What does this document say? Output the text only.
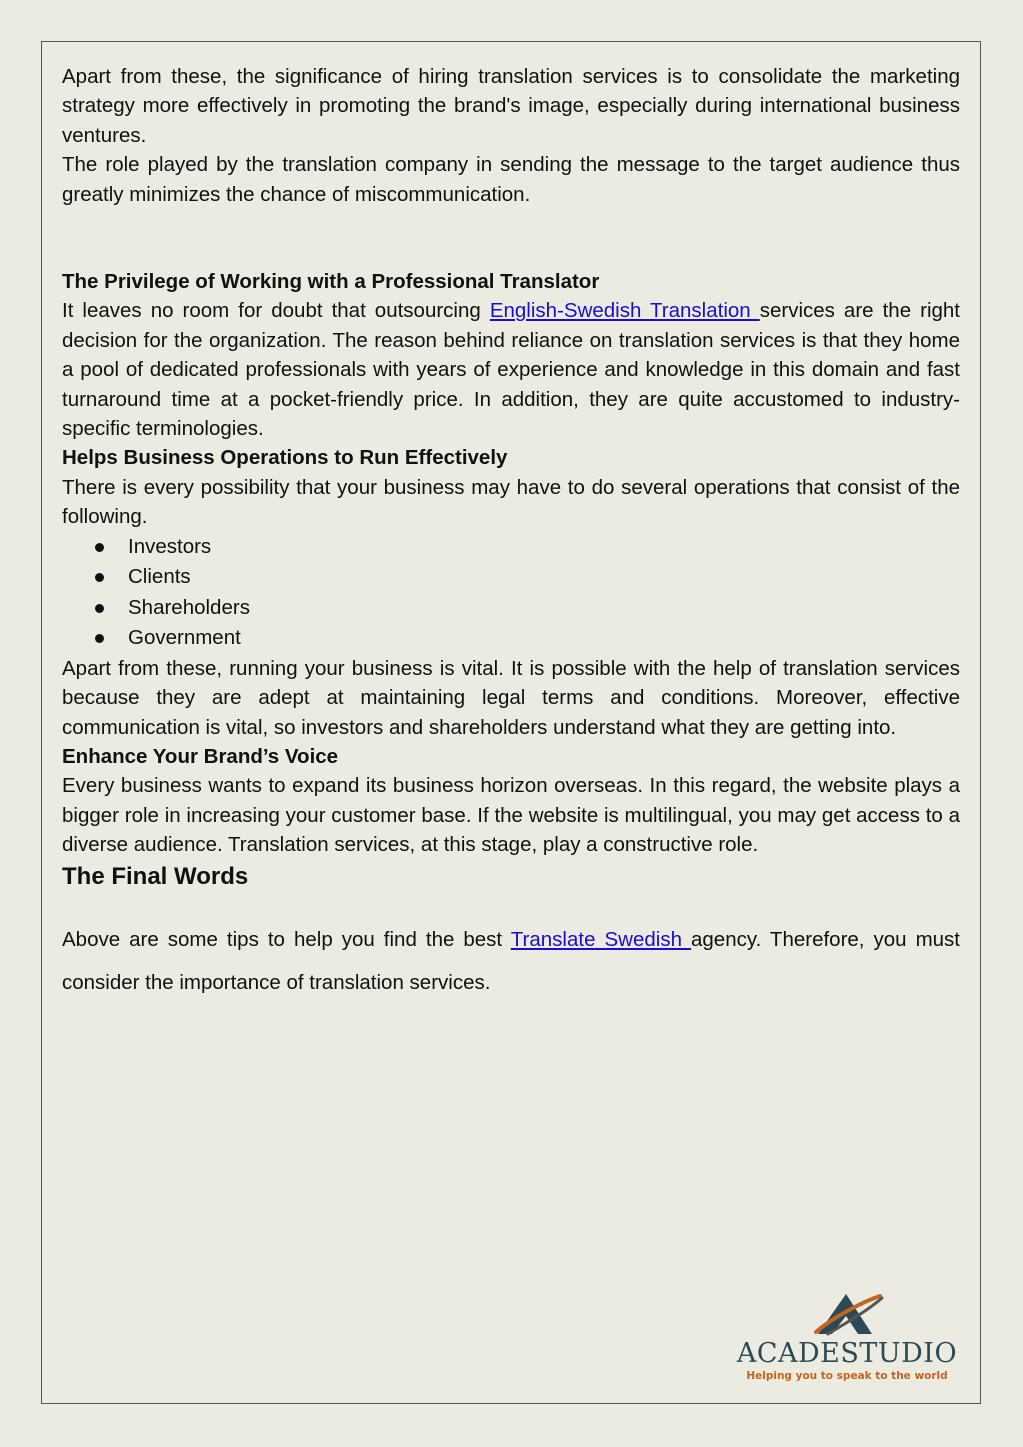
Apart from these, the significance of hiring translation services is to consolidate the marketing strategy more effectively in promoting the brand's image, especially during international business ventures.

The role played by the translation company in sending the message to the target audience thus greatly minimizes the chance of miscommunication.

The Privilege of Working with a Professional Translator

It leaves no room for doubt that outsourcing English-Swedish Translation services are the right decision for the organization. The reason behind reliance on translation services is that they home a pool of dedicated professionals with years of experience and knowledge in this domain and fast turnaround time at a pocket-friendly price. In addition, they are quite accustomed to industry-specific terminologies.

Helps Business Operations to Run Effectively

There is every possibility that your business may have to do several operations that consist of the following.

Investors
Clients
Shareholders
Government

Apart from these, running your business is vital. It is possible with the help of translation services because they are adept at maintaining legal terms and conditions. Moreover, effective communication is vital, so investors and shareholders understand what they are getting into.

Enhance Your Brand’s Voice

Every business wants to expand its business horizon overseas. In this regard, the website plays a bigger role in increasing your customer base. If the website is multilingual, you may get access to a diverse audience. Translation services, at this stage, play a constructive role.

The Final Words

Above are some tips to help you find the best Translate Swedish agency. Therefore, you must consider the importance of translation services.

ACADESTUDIO
Helping you to speak to the world
